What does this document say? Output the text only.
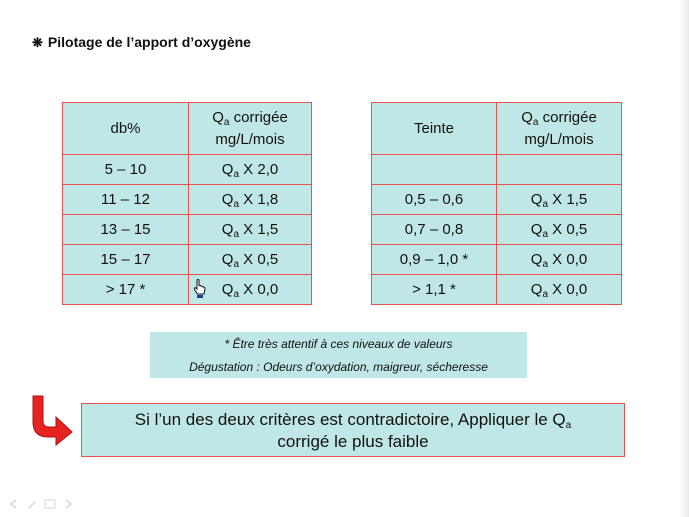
❋ Pilotage de l’apport d’oxygène
db%	$Q_a$ corrigée
mg/L/mois
5 – 10	$Q_a$ X 2,0
11 – 12	$Q_a$ X 1,8
13 – 15	$Q_a$ X 1,5
15 – 17	$Q_a$ X 0,5
> 17 *	$Q_a$ X 0,0
Teinte	$Q_a$ corrigée
mg/L/mois

0,5 – 0,6	$Q_a$ X 1,5
0,7 – 0,8	$Q_a$ X 0,5
0,9 – 1,0 *	$Q_a$ X 0,0
> 1,1 *	$Q_a$ X 0,0
* Être très attentif à ces niveaux de valeurs
Dégustation : Odeurs d’oxydation, maigreur, sécheresse
Si l’un des deux critères est contradictoire, Appliquer le $Q_a$
corrigé le plus faible
